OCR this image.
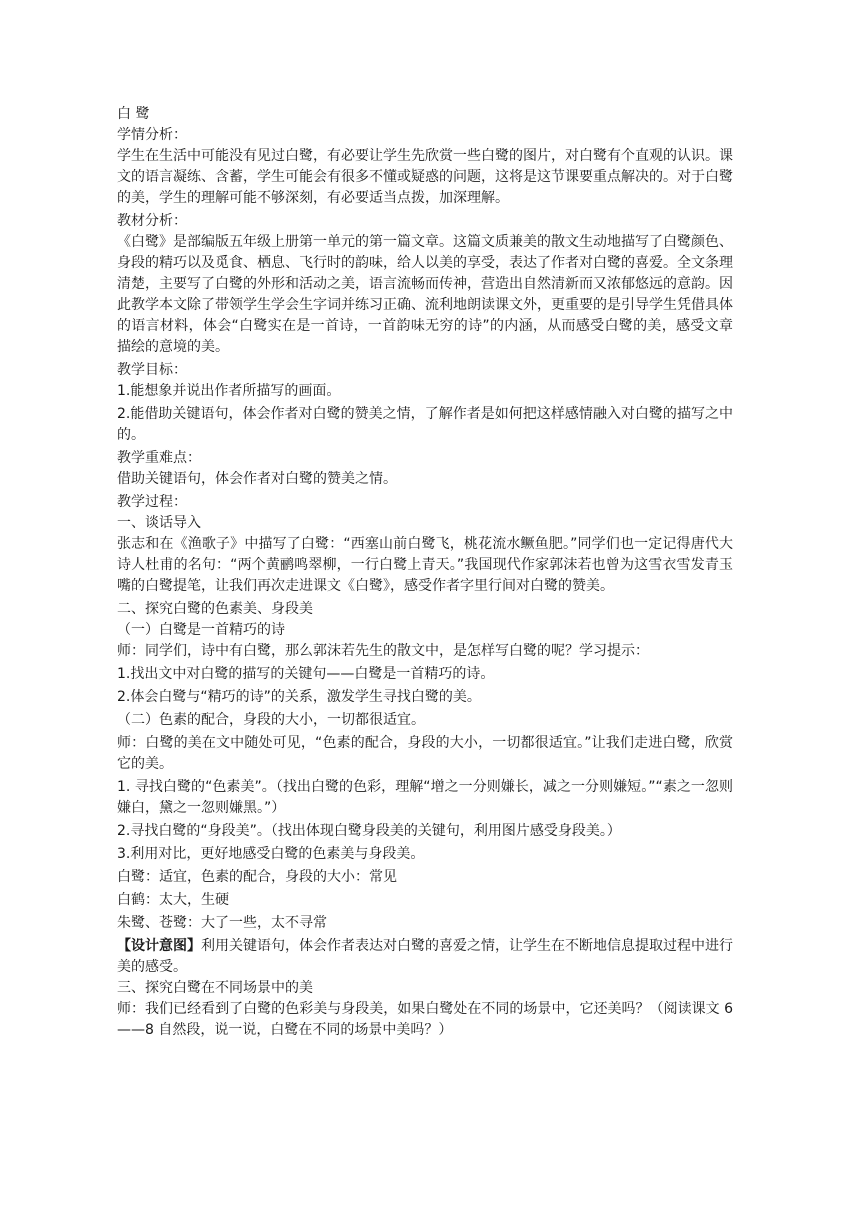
白 鹭

学情分析：

学生在生活中可能没有见过白鹭，有必要让学生先欣赏一些白鹭的图片，对白鹭有个直观的认识。课文的语言凝练、含蓄，学生可能会有很多不懂或疑惑的问题，这将是这节课要重点解决的。对于白鹭的美，学生的理解可能不够深刻，有必要适当点拨，加深理解。

教材分析：

《白鹭》是部编版五年级上册第一单元的第一篇文章。这篇文质兼美的散文生动地描写了白鹭颜色、身段的精巧以及觅食、栖息、飞行时的韵味，给人以美的享受，表达了作者对白鹭的喜爱。全文条理清楚，主要写了白鹭的外形和活动之美，语言流畅而传神，营造出自然清新而又浓郁悠远的意韵。因此教学本文除了带领学生学会生字词并练习正确、流利地朗读课文外，更重要的是引导学生凭借具体的语言材料，体会“白鹭实在是一首诗，一首韵味无穷的诗”的内涵，从而感受白鹭的美，感受文章描绘的意境的美。

教学目标：

1.能想象并说出作者所描写的画面。

2.能借助关键语句，体会作者对白鹭的赞美之情，了解作者是如何把这样感情融入对白鹭的描写之中的。

教学重难点：

借助关键语句，体会作者对白鹭的赞美之情。

教学过程：

一、谈话导入

张志和在《渔歌子》中描写了白鹭：“西塞山前白鹭飞，桃花流水鳜鱼肥。”同学们也一定记得唐代大诗人杜甫的名句：“两个黄鹂鸣翠柳，一行白鹭上青天。”我国现代作家郭沫若也曾为这雪衣雪发青玉嘴的白鹭提笔，让我们再次走进课文《白鹭》，感受作者字里行间对白鹭的赞美。

二、探究白鹭的色素美、身段美

（一）白鹭是一首精巧的诗

师：同学们，诗中有白鹭，那么郭沫若先生的散文中，是怎样写白鹭的呢？学习提示：

1.找出文中对白鹭的描写的关键句——白鹭是一首精巧的诗。

2.体会白鹭与“精巧的诗”的关系，激发学生寻找白鹭的美。

（二）色素的配合，身段的大小，一切都很适宜。

师：白鹭的美在文中随处可见，“色素的配合，身段的大小，一切都很适宜。”让我们走进白鹭，欣赏它的美。

1. 寻找白鹭的“色素美”。（找出白鹭的色彩，理解“增之一分则嫌长，减之一分则嫌短。”“素之一忽则嫌白，黛之一忽则嫌黑。”）

2.寻找白鹭的“身段美”。（找出体现白鹭身段美的关键句，利用图片感受身段美。）

3.利用对比，更好地感受白鹭的色素美与身段美。

白鹭：适宜，色素的配合，身段的大小：常见

白鹤：太大，生硬

朱鹭、苍鹭：大了一些，太不寻常

【设计意图】利用关键语句，体会作者表达对白鹭的喜爱之情，让学生在不断地信息提取过程中进行美的感受。

三、探究白鹭在不同场景中的美

师：我们已经看到了白鹭的色彩美与身段美，如果白鹭处在不同的场景中，它还美吗？（阅读课文 6——8 自然段，说一说，白鹭在不同的场景中美吗？）
